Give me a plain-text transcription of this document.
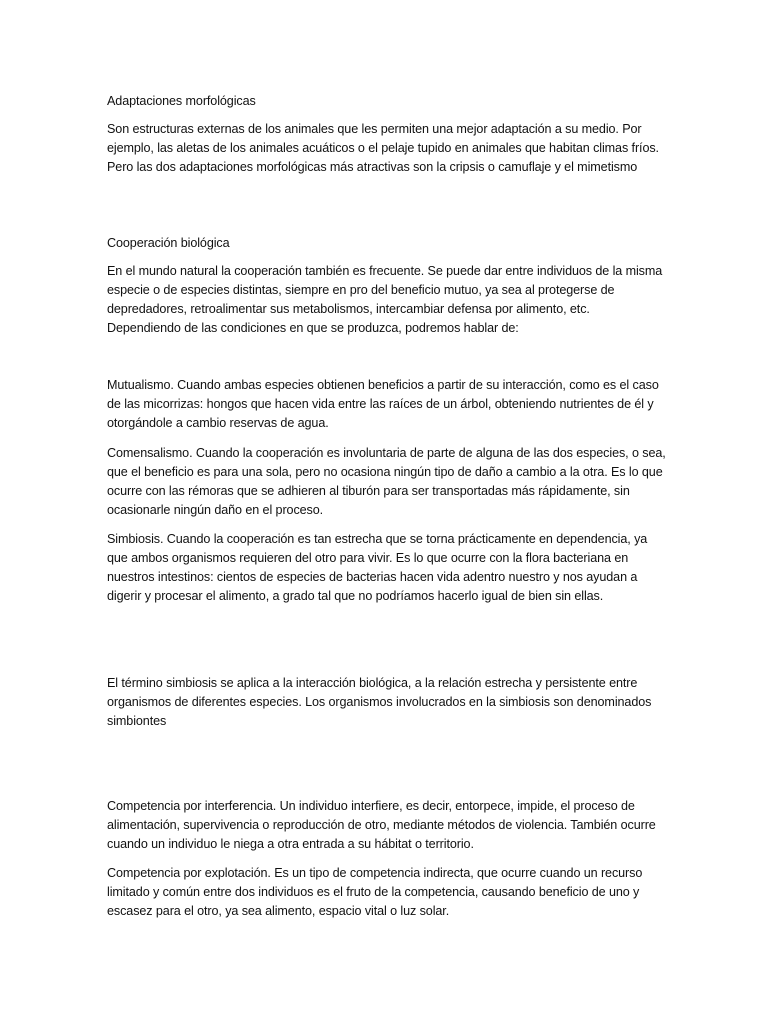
Adaptaciones morfológicas

Son estructuras externas de los animales que les permiten una mejor adaptación a su medio. Por ejemplo, las aletas de los animales acuáticos o el pelaje tupido en animales que habitan climas fríos. Pero las dos adaptaciones morfológicas más atractivas son la cripsis o camuflaje y el mimetismo

Cooperación biológica

En el mundo natural la cooperación también es frecuente. Se puede dar entre individuos de la misma especie o de especies distintas, siempre en pro del beneficio mutuo, ya sea al protegerse de depredadores, retroalimentar sus metabolismos, intercambiar defensa por alimento, etc. Dependiendo de las condiciones en que se produzca, podremos hablar de:

Mutualismo. Cuando ambas especies obtienen beneficios a partir de su interacción, como es el caso de las micorrizas: hongos que hacen vida entre las raíces de un árbol, obteniendo nutrientes de él y otorgándole a cambio reservas de agua.

Comensalismo. Cuando la cooperación es involuntaria de parte de alguna de las dos especies, o sea, que el beneficio es para una sola, pero no ocasiona ningún tipo de daño a cambio a la otra. Es lo que ocurre con las rémoras que se adhieren al tiburón para ser transportadas más rápidamente, sin ocasionarle ningún daño en el proceso.

Simbiosis. Cuando la cooperación es tan estrecha que se torna prácticamente en dependencia, ya que ambos organismos requieren del otro para vivir. Es lo que ocurre con la flora bacteriana en nuestros intestinos: cientos de especies de bacterias hacen vida adentro nuestro y nos ayudan a digerir y procesar el alimento, a grado tal que no podríamos hacerlo igual de bien sin ellas.

El término simbiosis se aplica a la interacción biológica, a la relación estrecha y persistente entre organismos de diferentes especies. Los organismos involucrados en la simbiosis son denominados simbiontes

Competencia por interferencia. Un individuo interfiere, es decir, entorpece, impide, el proceso de alimentación, supervivencia o reproducción de otro, mediante métodos de violencia. También ocurre cuando un individuo le niega a otra entrada a su hábitat o territorio.

Competencia por explotación. Es un tipo de competencia indirecta, que ocurre cuando un recurso limitado y común entre dos individuos es el fruto de la competencia, causando beneficio de uno y escasez para el otro, ya sea alimento, espacio vital o luz solar.
